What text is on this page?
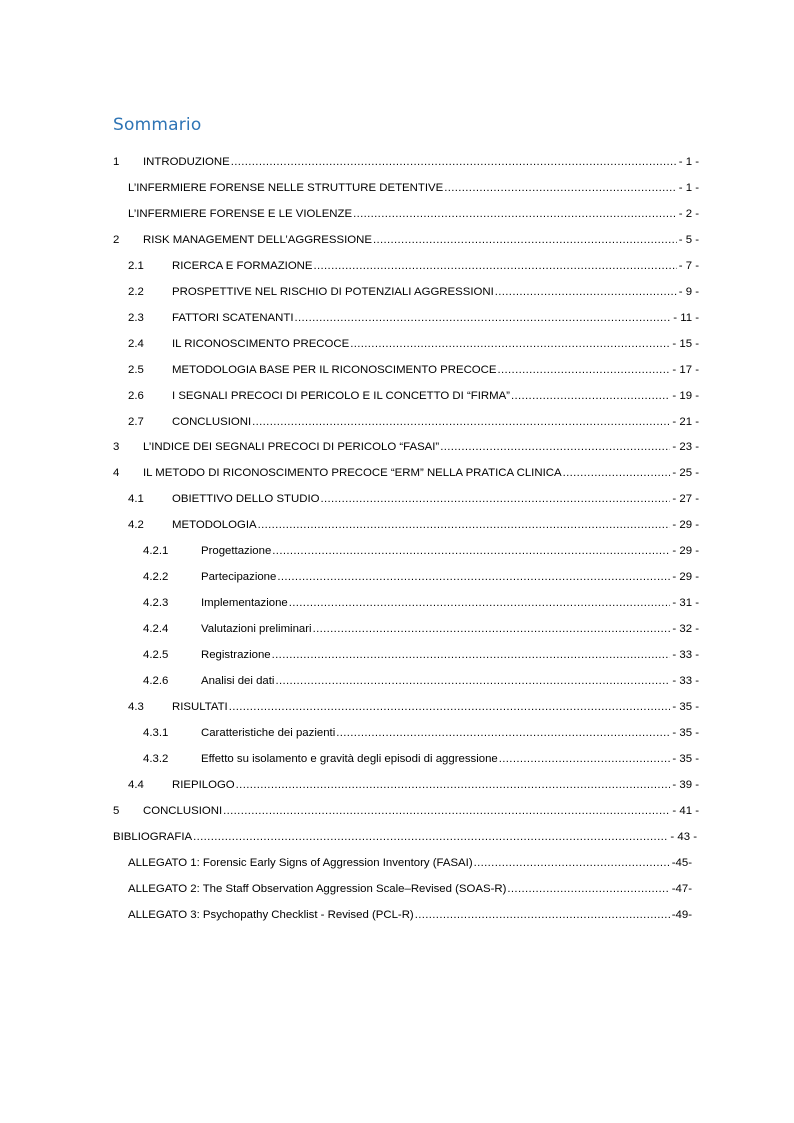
Sommario
1	INTRODUZIONE .....	- 1 -
L’INFERMIERE FORENSE NELLE STRUTTURE DETENTIVE .....	- 1 -
L’INFERMIERE FORENSE E LE VIOLENZE .....	- 2 -
2	RISK MANAGEMENT DELL’AGGRESSIONE .....	- 5 -
2.1	RICERCA E FORMAZIONE .....	- 7 -
2.2	PROSPETTIVE NEL RISCHIO DI POTENZIALI AGGRESSIONI .....	- 9 -
2.3	FATTORI SCATENANTI .....	- 11 -
2.4	IL RICONOSCIMENTO PRECOCE .....	- 15 -
2.5	METODOLOGIA BASE PER IL RICONOSCIMENTO PRECOCE .....	- 17 -
2.6	I SEGNALI PRECOCI DI PERICOLO E IL CONCETTO DI “FIRMA” .....	- 19 -
2.7	CONCLUSIONI .....	- 21 -
3	L’INDICE DEI SEGNALI PRECOCI DI PERICOLO “FASAI” .....	- 23 -
4	IL METODO DI RICONOSCIMENTO PRECOCE “ERM” NELLA PRATICA CLINICA .....	- 25 -
4.1	OBIETTIVO DELLO STUDIO .....	- 27 -
4.2	METODOLOGIA .....	- 29 -
4.2.1	Progettazione .....	- 29 -
4.2.2	Partecipazione .....	- 29 -
4.2.3	Implementazione .....	- 31 -
4.2.4	Valutazioni preliminari .....	- 32 -
4.2.5	Registrazione .....	- 33 -
4.2.6	Analisi dei dati .....	- 33 -
4.3	RISULTATI .....	- 35 -
4.3.1	Caratteristiche dei pazienti .....	- 35 -
4.3.2	Effetto su isolamento e gravità degli episodi di aggressione .....	- 35 -
4.4	RIEPILOGO .....	- 39 -
5	CONCLUSIONI .....	- 41 -
BIBLIOGRAFIA .....	- 43 -
ALLEGATO 1: Forensic Early Signs of Aggression Inventory (FASAI) .....	-45-
ALLEGATO 2: The Staff Observation Aggression Scale–Revised (SOAS-R) .....	-47-
ALLEGATO 3: Psychopathy Checklist - Revised (PCL-R) .....	-49-
